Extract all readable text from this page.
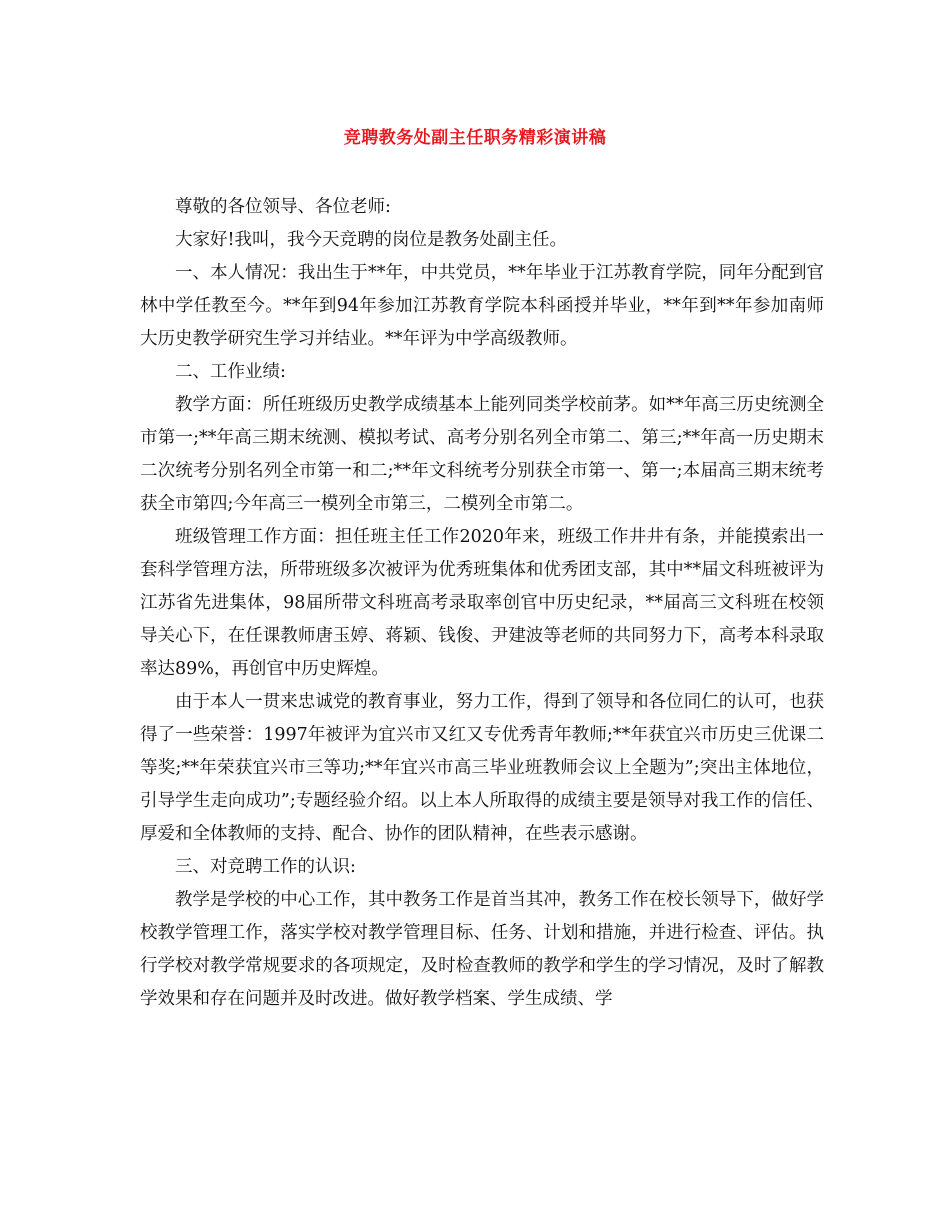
竞聘教务处副主任职务精彩演讲稿

尊敬的各位领导、各位老师:

大家好!我叫，我今天竞聘的岗位是教务处副主任。

一、本人情况：我出生于**年，中共党员，**年毕业于江苏教育学院，同年分配到官林中学任教至今。**年到94年参加江苏教育学院本科函授并毕业，**年到**年参加南师大历史教学研究生学习并结业。**年评为中学高级教师。

二、工作业绩:

教学方面：所任班级历史教学成绩基本上能列同类学校前茅。如**年高三历史统测全市第一;**年高三期末统测、模拟考试、高考分别名列全市第二、第三;**年高一历史期末二次统考分别名列全市第一和二;**年文科统考分别获全市第一、第一;本届高三期末统考获全市第四;今年高三一模列全市第三，二模列全市第二。

班级管理工作方面：担任班主任工作2020年来，班级工作井井有条，并能摸索出一套科学管理方法，所带班级多次被评为优秀班集体和优秀团支部，其中**届文科班被评为江苏省先进集体，98届所带文科班高考录取率创官中历史纪录，**届高三文科班在校领导关心下，在任课教师唐玉婷、蒋颖、钱俊、尹建波等老师的共同努力下，高考本科录取率达89%，再创官中历史辉煌。

由于本人一贯来忠诚党的教育事业，努力工作，得到了领导和各位同仁的认可，也获得了一些荣誉：1997年被评为宜兴市又红又专优秀青年教师;**年获宜兴市历史三优课二等奖;**年荣获宜兴市三等功;**年宜兴市高三毕业班教师会议上全题为”;突出主体地位，引导学生走向成功”;专题经验介绍。以上本人所取得的成绩主要是领导对我工作的信任、厚爱和全体教师的支持、配合、协作的团队精神，在些表示感谢。

三、对竞聘工作的认识:

教学是学校的中心工作，其中教务工作是首当其冲，教务工作在校长领导下，做好学校教学管理工作，落实学校对教学管理目标、任务、计划和措施，并进行检查、评估。执行学校对教学常规要求的各项规定，及时检查教师的教学和学生的学习情况，及时了解教学效果和存在问题并及时改进。做好教学档案、学生成绩、学
